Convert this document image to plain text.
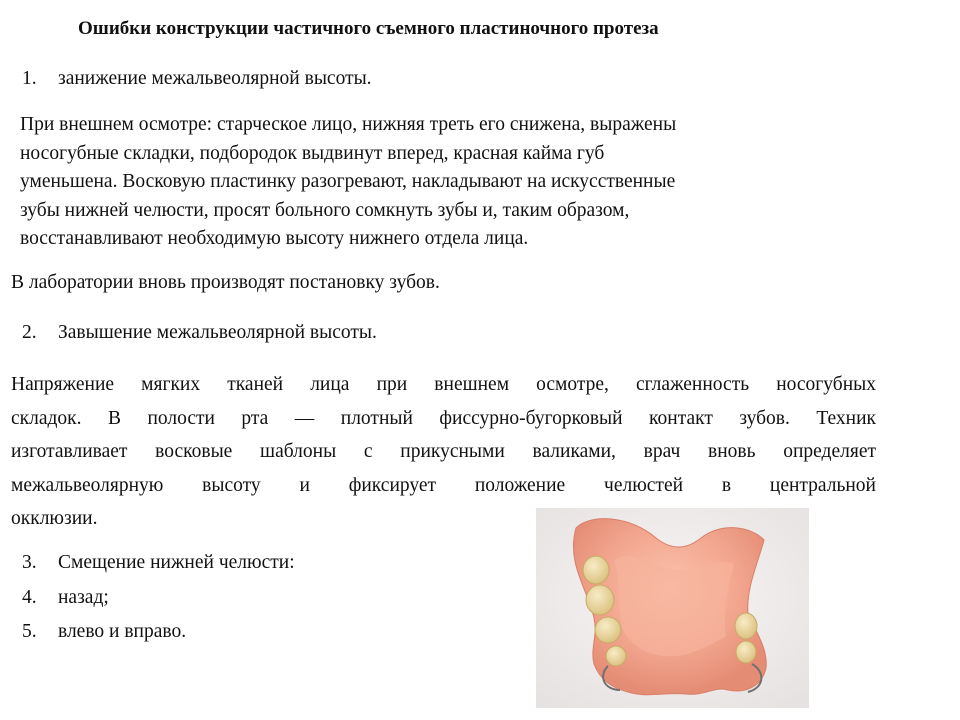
Ошибки конструкции частичного съемного пластиночного протеза
1. занижение межальвеолярной высоты.

При внешнем осмотре: старческое лицо, нижняя треть его снижена, выражены

носогубные складки, подбородок выдвинут вперед, красная кайма губ

уменьшена. Восковую пластинку разогревают, накладывают на искусственные

зубы нижней челюсти, просят больного сомкнуть зубы и, таким образом,

восстанавливают необходимую высоту нижнего отдела лица.

В лаборатории вновь производят постановку зубов.
2. Завышение межальвеолярной высоты.
Напряжение мягких тканей лица при внешнем осмотре, сглаженность носогубных
складок. В полости рта — плотный фиссурно-бугорковый контакт зубов. Техник
изготавливает восковые шаблоны с прикусными валиками, врач вновь определяет
межальвеолярную высоту и фиксирует положение челюстей в центральной
окклюзии.
3. Смещение нижней челюсти:
4. назад;
5. влево и вправо.
